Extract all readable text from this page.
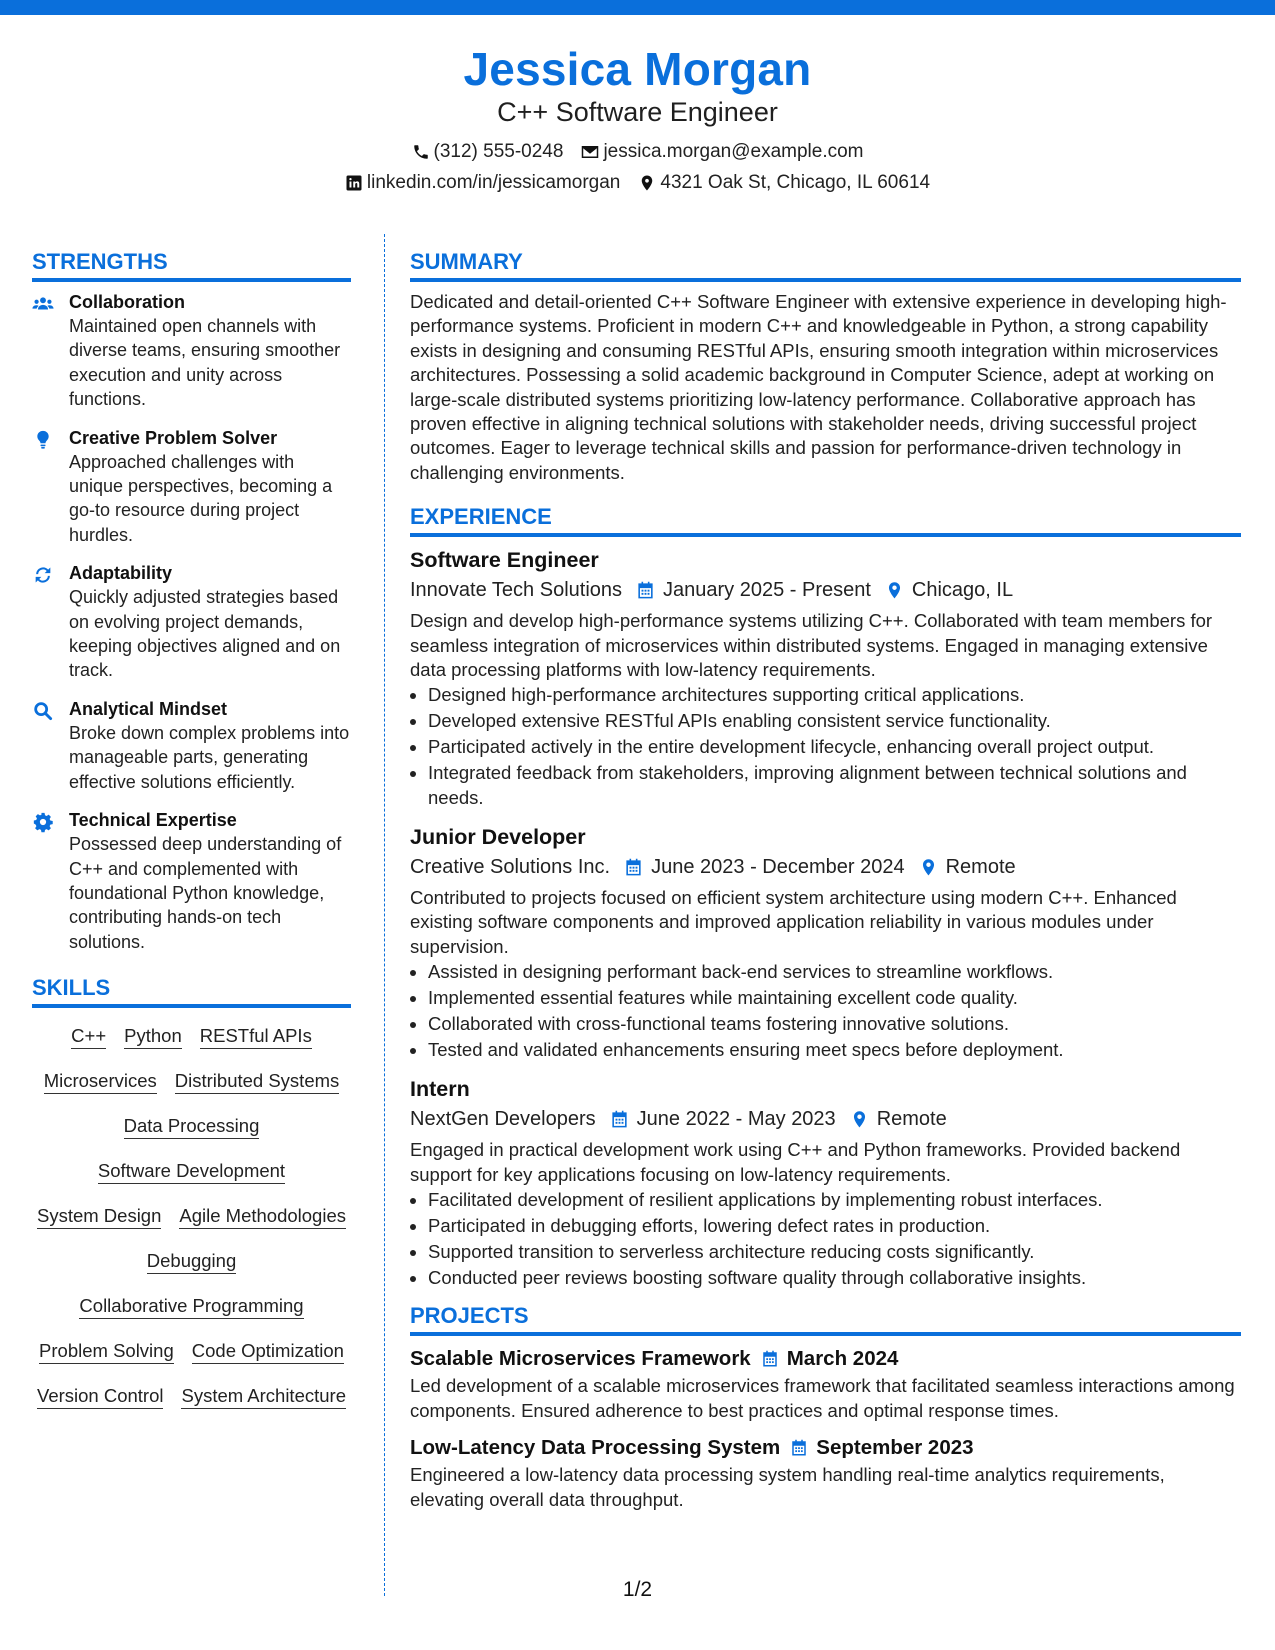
Jessica Morgan
C++ Software Engineer
(312) 555-0248 jessica.morgan@example.com
linkedin.com/in/jessicamorgan 4321 Oak St, Chicago, IL 60614
STRENGTHS
Collaboration
Maintained open channels with diverse teams, ensuring smoother execution and unity across functions.
Creative Problem Solver
Approached challenges with unique perspectives, becoming a go-to resource during project hurdles.
Adaptability
Quickly adjusted strategies based on evolving project demands, keeping objectives aligned and on track.
Analytical Mindset
Broke down complex problems into manageable parts, generating effective solutions efficiently.
Technical Expertise
Possessed deep understanding of C++ and complemented with foundational Python knowledge, contributing hands-on tech solutions.
SKILLS
C++ Python RESTful APIs
Microservices Distributed Systems
Data Processing
Software Development
System Design Agile Methodologies
Debugging
Collaborative Programming
Problem Solving Code Optimization
Version Control System Architecture
SUMMARY
Dedicated and detail-oriented C++ Software Engineer with extensive experience in developing high-performance systems. Proficient in modern C++ and knowledgeable in Python, a strong capability exists in designing and consuming RESTful APIs, ensuring smooth integration within microservices architectures. Possessing a solid academic background in Computer Science, adept at working on large-scale distributed systems prioritizing low-latency performance. Collaborative approach has proven effective in aligning technical solutions with stakeholder needs, driving successful project outcomes. Eager to leverage technical skills and passion for performance-driven technology in challenging environments.
EXPERIENCE
Software Engineer
Innovate Tech Solutions January 2025 - Present Chicago, IL
Design and develop high-performance systems utilizing C++. Collaborated with team members for seamless integration of microservices within distributed systems. Engaged in managing extensive data processing platforms with low-latency requirements.
• Designed high-performance architectures supporting critical applications.
• Developed extensive RESTful APIs enabling consistent service functionality.
• Participated actively in the entire development lifecycle, enhancing overall project output.
• Integrated feedback from stakeholders, improving alignment between technical solutions and needs.
Junior Developer
Creative Solutions Inc. June 2023 - December 2024 Remote
Contributed to projects focused on efficient system architecture using modern C++. Enhanced existing software components and improved application reliability in various modules under supervision.
• Assisted in designing performant back-end services to streamline workflows.
• Implemented essential features while maintaining excellent code quality.
• Collaborated with cross-functional teams fostering innovative solutions.
• Tested and validated enhancements ensuring meet specs before deployment.
Intern
NextGen Developers June 2022 - May 2023 Remote
Engaged in practical development work using C++ and Python frameworks. Provided backend support for key applications focusing on low-latency requirements.
• Facilitated development of resilient applications by implementing robust interfaces.
• Participated in debugging efforts, lowering defect rates in production.
• Supported transition to serverless architecture reducing costs significantly.
• Conducted peer reviews boosting software quality through collaborative insights.
PROJECTS
Scalable Microservices Framework March 2024
Led development of a scalable microservices framework that facilitated seamless interactions among components. Ensured adherence to best practices and optimal response times.
Low-Latency Data Processing System September 2023
Engineered a low-latency data processing system handling real-time analytics requirements, elevating overall data throughput.
1/2
